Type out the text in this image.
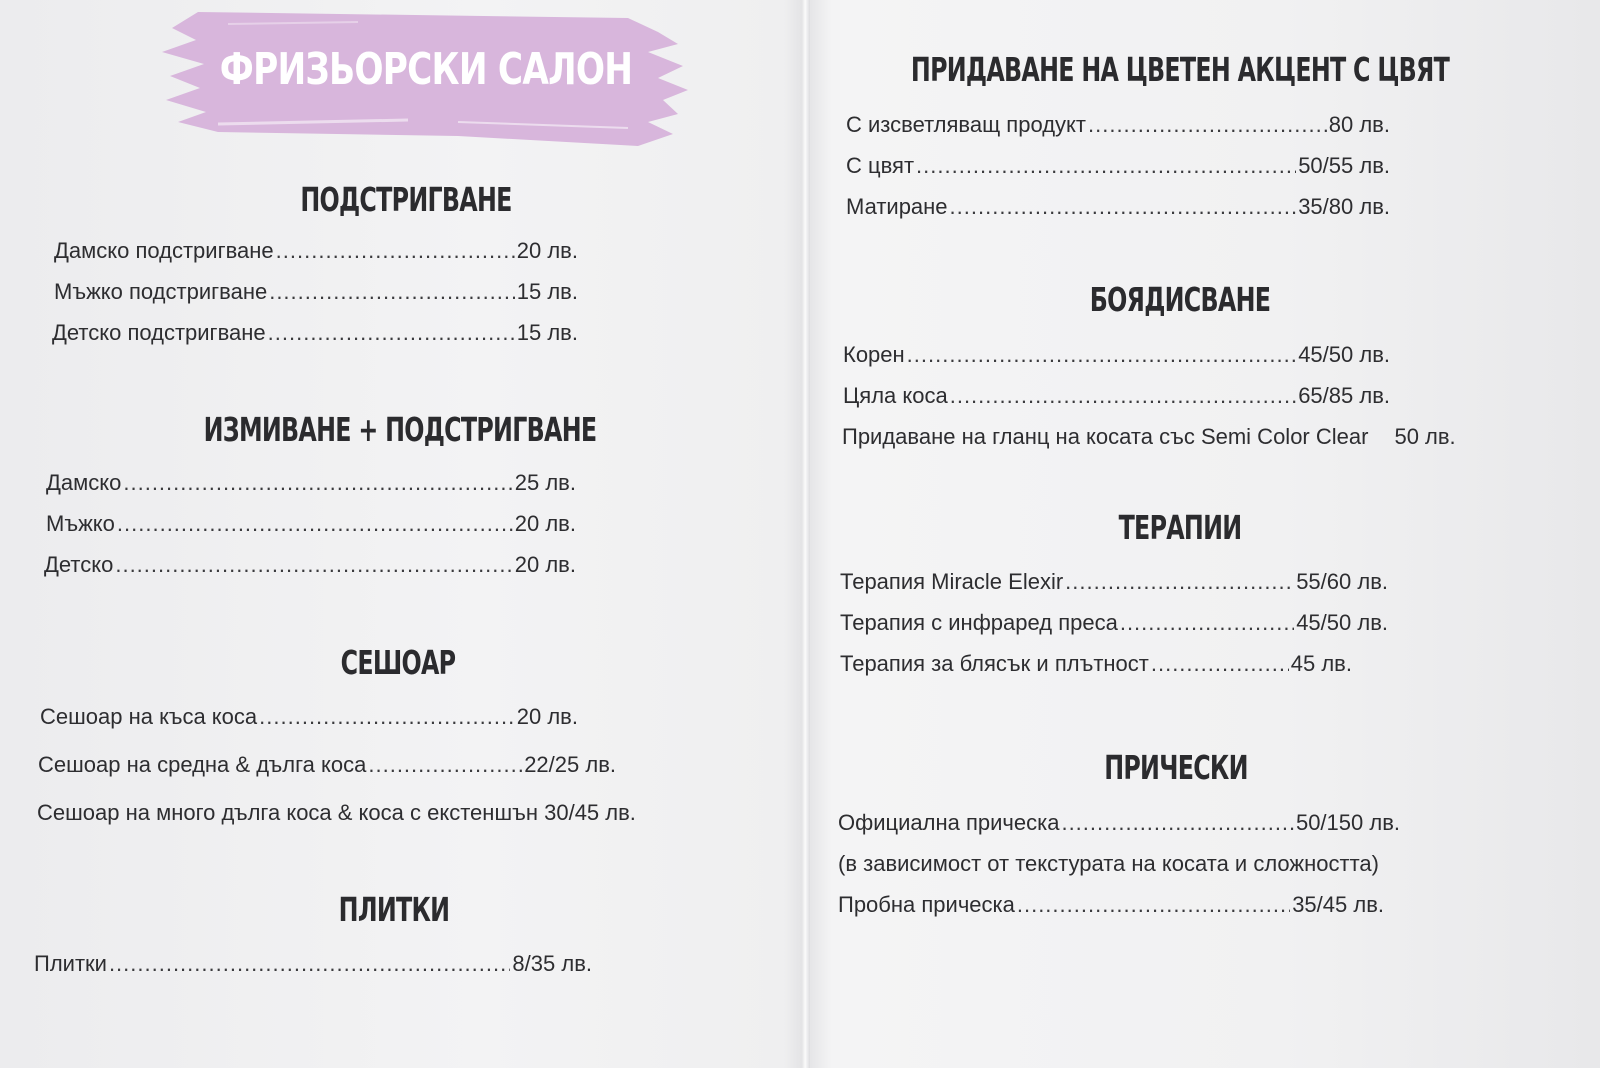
ФРИЗЬОРСКИ САЛОН
ПОДСТРИГВАНЕ
Дамско подстригване .....	20 лв.
Мъжко подстригване .....	15 лв.
Детско подстригване .....	15 лв.
ИЗМИВАНЕ + ПОДСТРИГВАНЕ
Дамско .....	25 лв.
Мъжко .....	20 лв.
Детско .....	20 лв.
СЕШОАР
Сешоар на къса коса .....	20 лв.
Сешоар на средна & дълга коса .....	22/25 лв.
Сешоар на много дълга коса & коса с екстеншън 30/45 лв.
ПЛИТКИ
Плитки .....	8/35 лв.
ПРИДАВАНЕ НА ЦВЕТЕН АКЦЕНТ С ЦВЯТ
С изсветляващ продукт .....	80 лв.
С цвят .....	50/55 лв.
Матиране .....	35/80 лв.
БОЯДИСВАНЕ
Корен .....	45/50 лв.
Цяла коса .....	65/85 лв.
Придаване на гланц на косата със Semi Color Clear 50 лв.
ТЕРАПИИ
Терапия Miracle Elexir .....	55/60 лв.
Терапия с инфраред преса .....	45/50 лв.
Терапия за блясък и плътност .....	45 лв.
ПРИЧЕСКИ
Официална прическа .....	50/150 лв.
(в зависимост от текстурата на косата и сложността)
Пробна прическа .....	35/45 лв.
